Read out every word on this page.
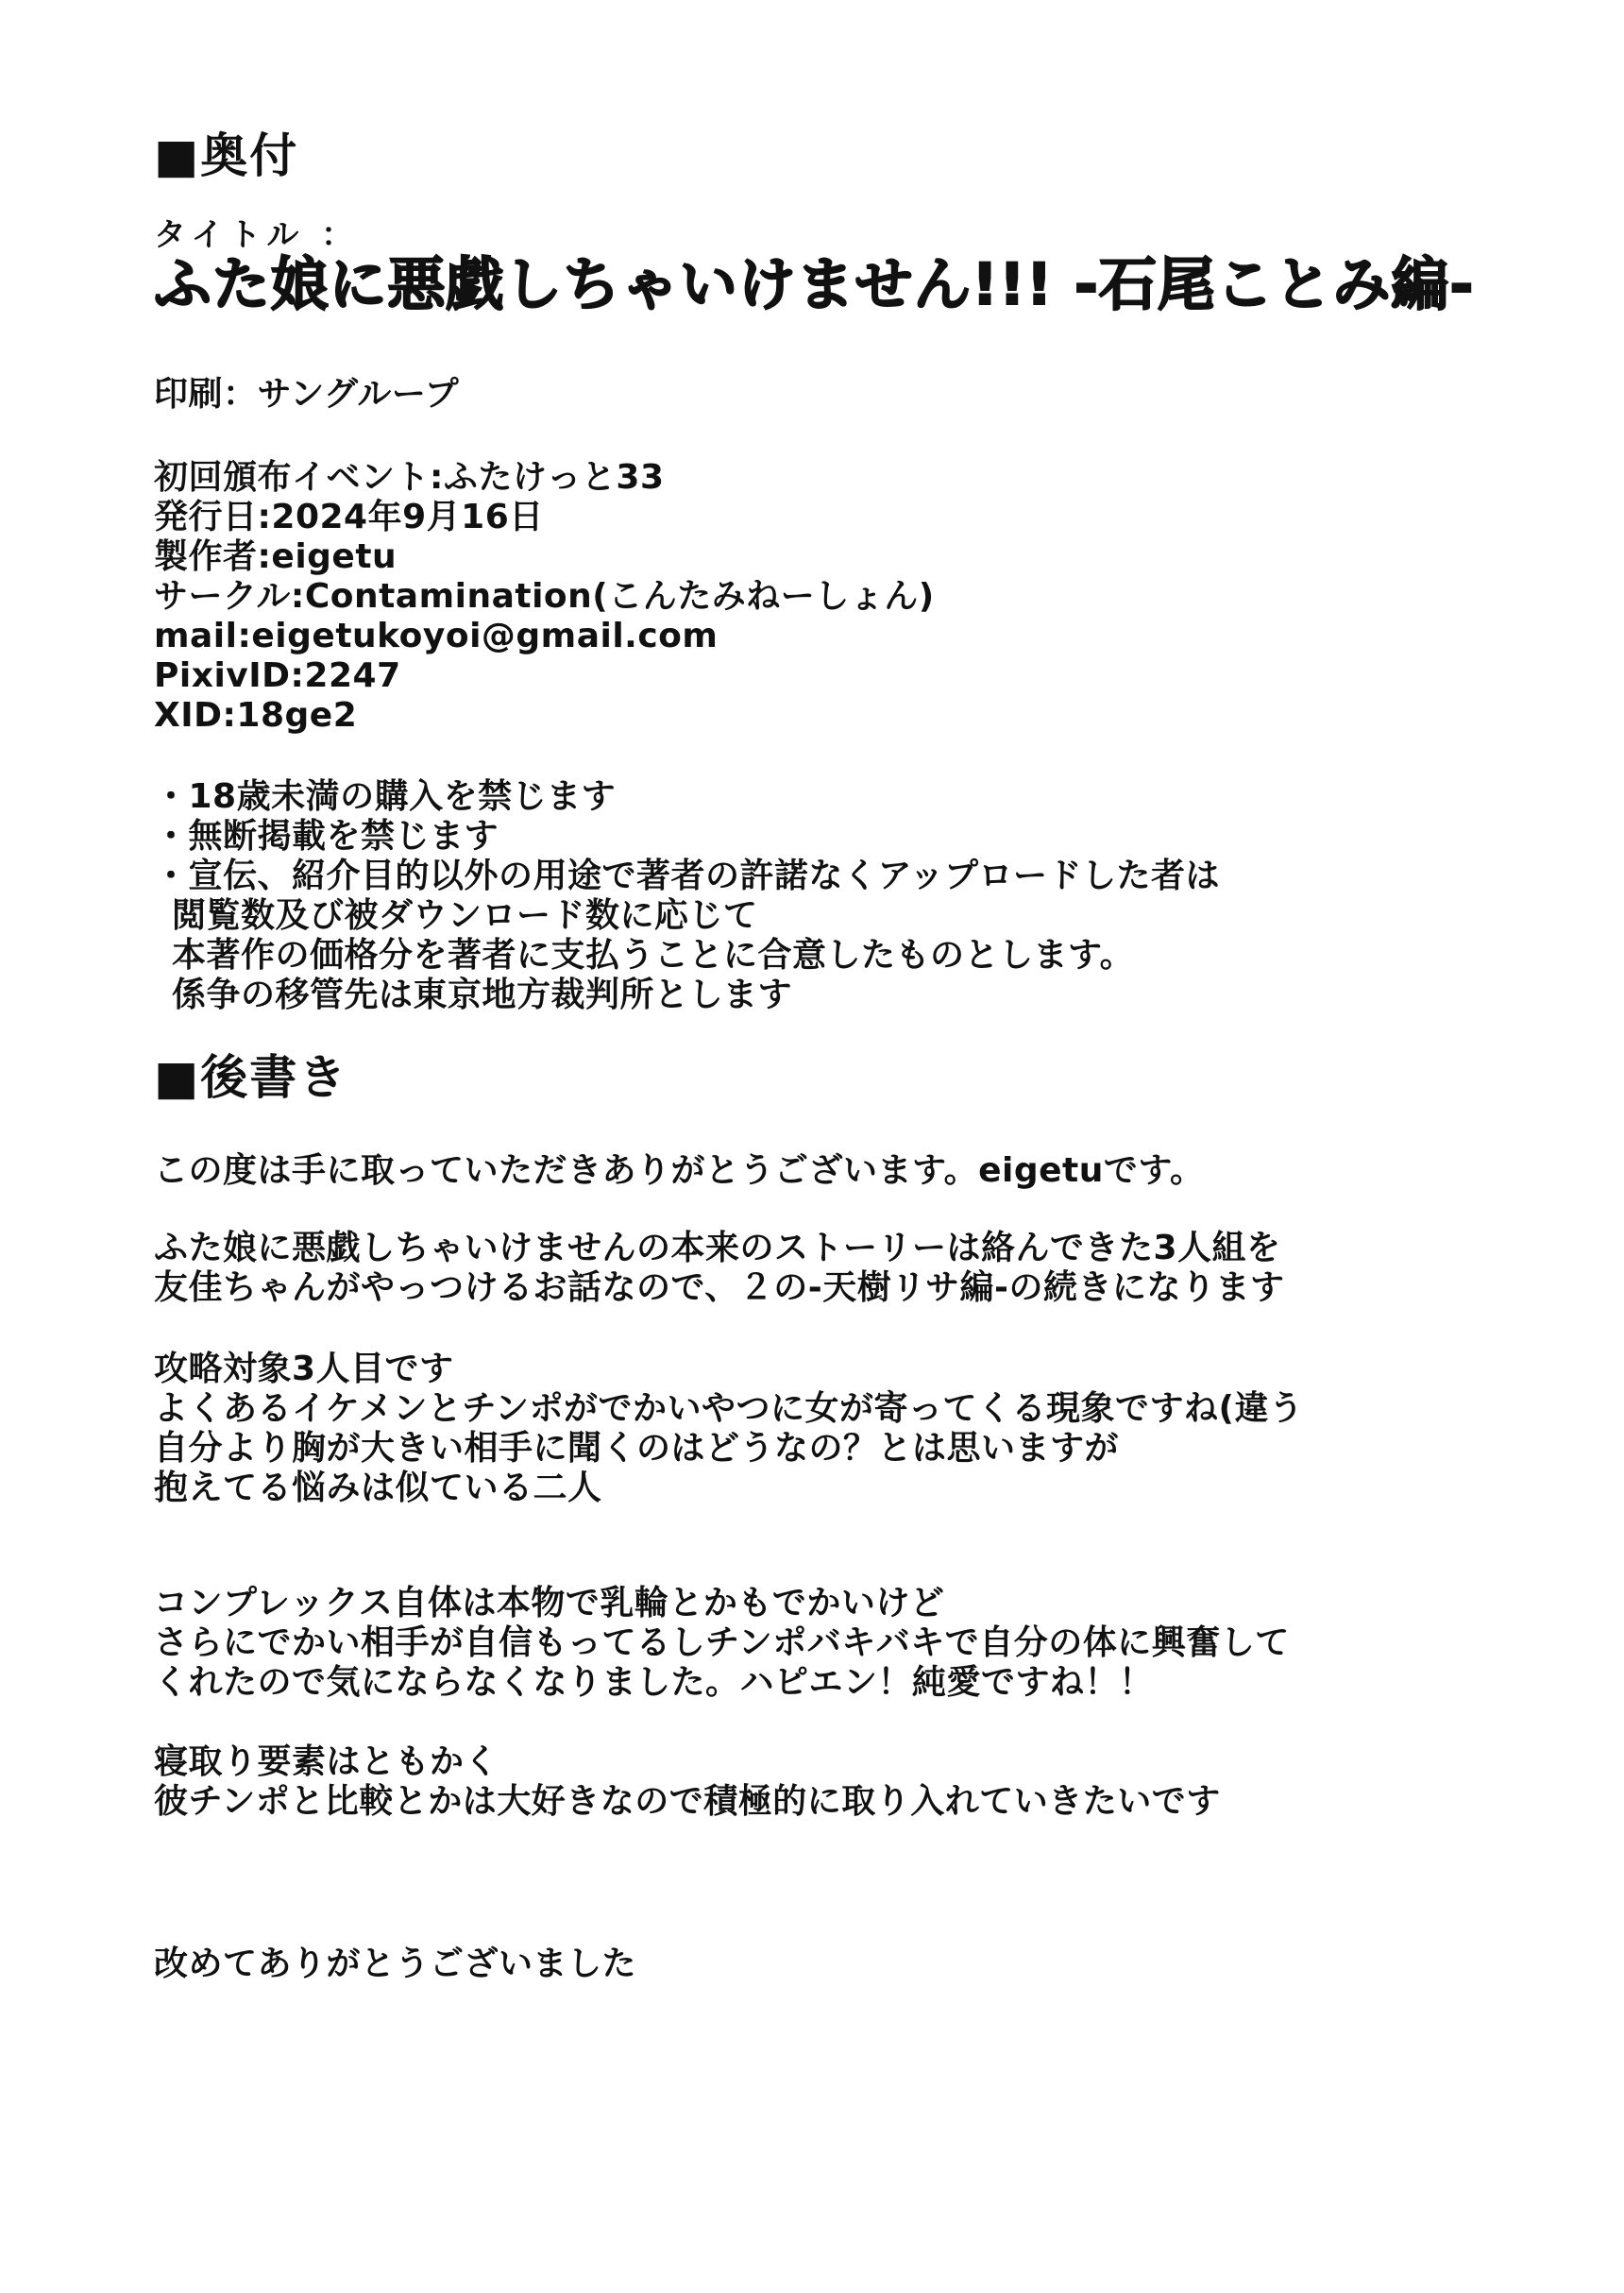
■奥付
タイトル ：
ふた娘に悪戯しちゃいけません!!! -石尾ことみ編-
印刷：サングループ
初回頒布イベント:ふたけっと33
発行日:2024年9月16日
製作者:eigetu
サークル:Contamination(こんたみねーしょん)
mail:eigetukoyoi@gmail.com
PixivID:2247
XID:18ge2
・18歳未満の購入を禁じます
・無断掲載を禁じます
・宣伝、紹介目的以外の用途で著者の許諾なくアップロードした者は
閲覧数及び被ダウンロード数に応じて
本著作の価格分を著者に支払うことに合意したものとします。
係争の移管先は東京地方裁判所とします
■後書き
この度は手に取っていただきありがとうございます。eigetuです。
ふた娘に悪戯しちゃいけませんの本来のストーリーは絡んできた3人組を
友佳ちゃんがやっつけるお話なので、２の-天樹リサ編-の続きになります
攻略対象3人目です
よくあるイケメンとチンポがでかいやつに女が寄ってくる現象ですね(違う
自分より胸が大きい相手に聞くのはどうなの？とは思いますが
抱えてる悩みは似ている二人
コンプレックス自体は本物で乳輪とかもでかいけど
さらにでかい相手が自信もってるしチンポバキバキで自分の体に興奮して
くれたので気にならなくなりました。ハピエン！純愛ですね！！
寝取り要素はともかく
彼チンポと比較とかは大好きなので積極的に取り入れていきたいです
改めてありがとうございました
